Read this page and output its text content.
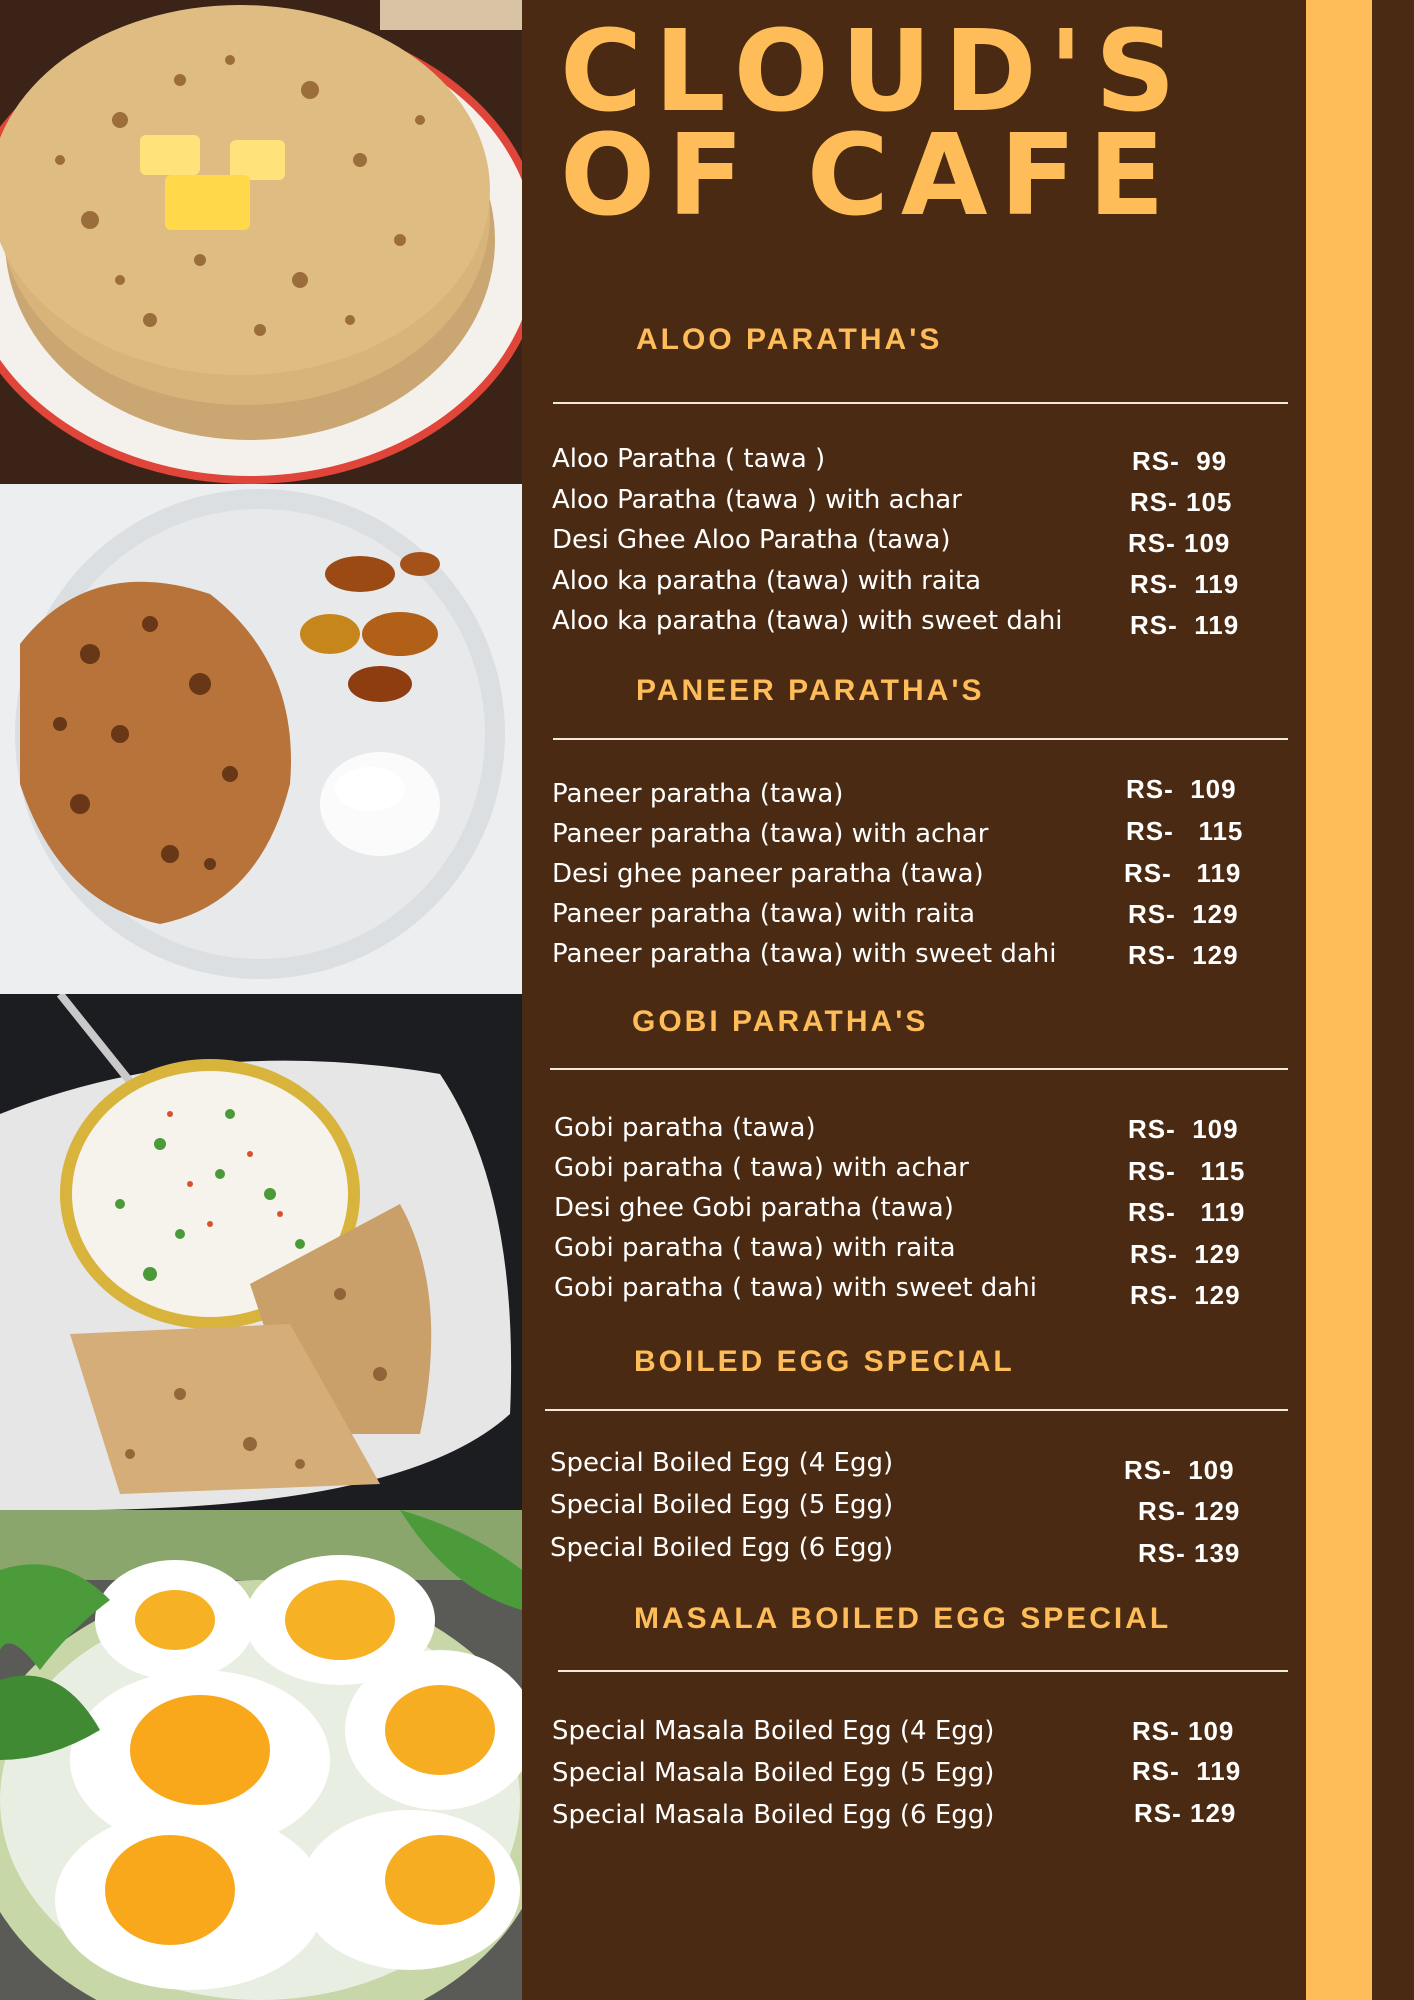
CLOUD'S
OF CAFE
ALOO PARATHA'S
Aloo Paratha ( tawa )	RS-  99
Aloo Paratha (tawa ) with achar	RS- 105
Desi Ghee Aloo Paratha (tawa)	RS- 109
Aloo ka paratha (tawa) with raita	RS-  119
Aloo ka paratha (tawa) with sweet dahi	RS-  119
PANEER PARATHA'S
Paneer paratha (tawa)	RS-  109
Paneer paratha (tawa) with achar	RS-   115
Desi ghee paneer paratha (tawa)	RS-   119
Paneer paratha (tawa) with raita	RS-  129
Paneer paratha (tawa) with sweet dahi	RS-  129
GOBI PARATHA'S
Gobi paratha (tawa)	RS-  109
Gobi paratha ( tawa) with achar	RS-   115
Desi ghee Gobi paratha (tawa)	RS-   119
Gobi paratha ( tawa) with raita	RS-  129
Gobi paratha ( tawa) with sweet dahi	RS-  129
BOILED EGG SPECIAL
Special Boiled Egg (4 Egg)	RS-  109
Special Boiled Egg (5 Egg)	RS- 129
Special Boiled Egg (6 Egg)	RS- 139
MASALA BOILED EGG SPECIAL
Special Masala Boiled Egg (4 Egg)	RS- 109
Special Masala Boiled Egg (5 Egg)	RS-  119
Special Masala Boiled Egg (6 Egg)	RS- 129
